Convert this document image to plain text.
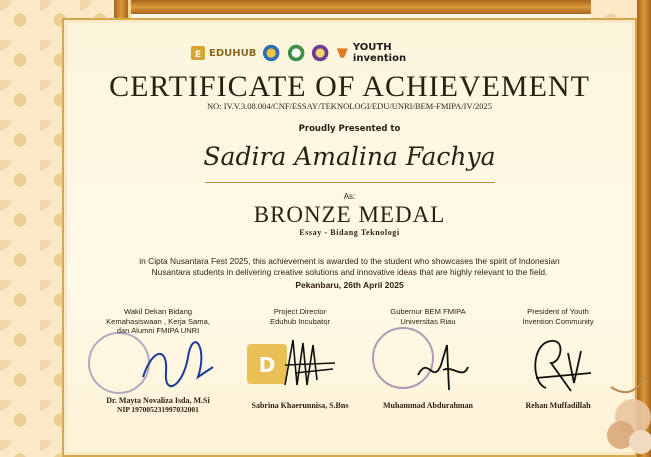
E EDUHUB	YOUTH invention
CERTIFICATE OF ACHIEVEMENT
NO: IV.V.3.08.004/CNF/ESSAY/TEKNOLOGI/EDU/UNRI/BEM-FMIPA/IV/2025
Proudly Presented to
Sadira Amalina Fachya
As:
BRONZE MEDAL
Essay - Bidang Teknologi
in Cipta Nusantara Fest 2025, this achievement is awarded to the student who showcases the spirit of Indonesian
Nusantara students in delivering creative solutions and innovative ideas that are highly relevant to the field.
Pekanbaru, 26th April 2025
Wakil Dekan Bidang
Kemahasiswaan , Kerja Sama,
dan Alumni FMIPA UNRI
Dr. Mayta Novaliza Isda, M.Si
NIP 197005231997032001
Project Director
Eduhub Incubator
D
Sabrina Khaerunnisa, S.Bns
Gubernur BEM FMIPA
Universitas Riau
Muhammad Abdurahman
President of Youth
Invention Community
Rehan Muffadillah
